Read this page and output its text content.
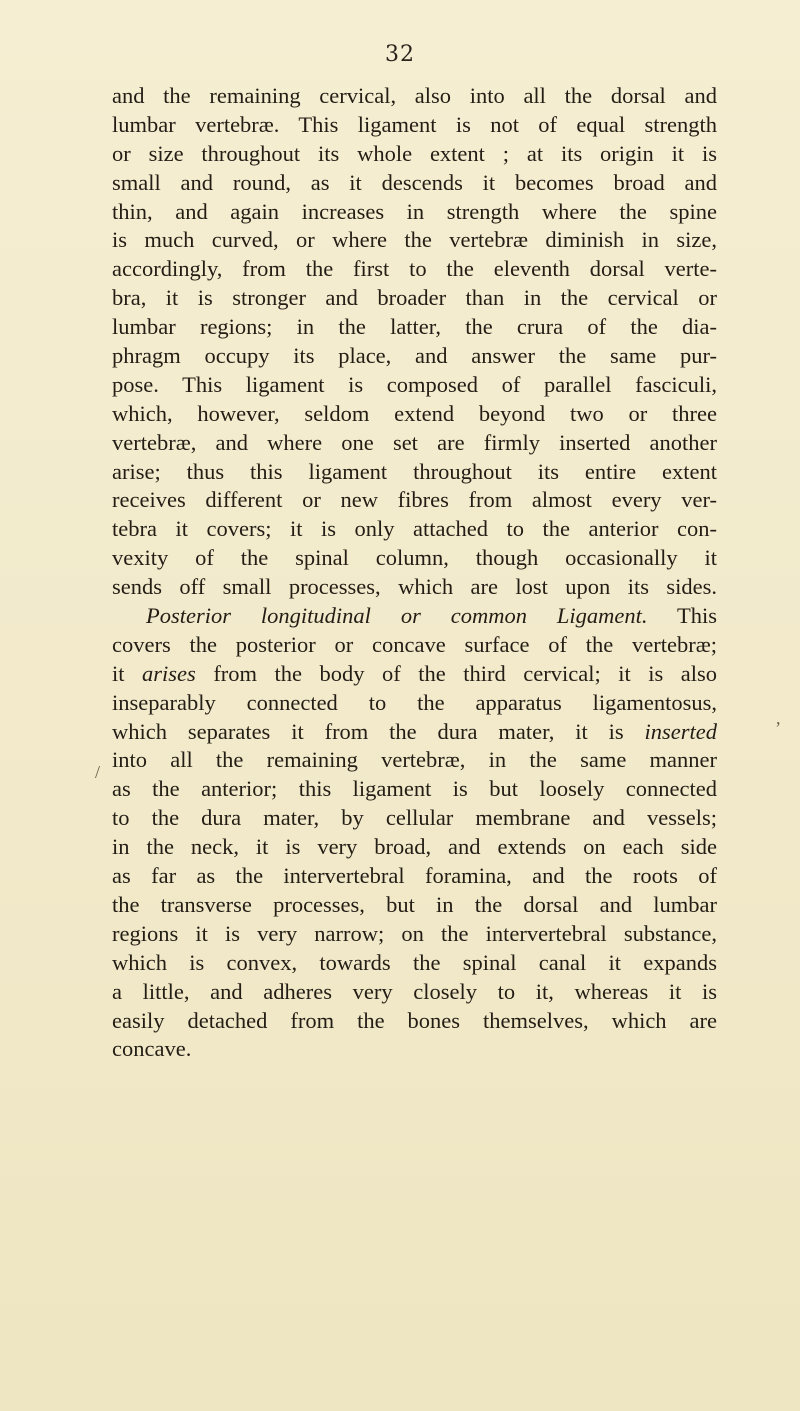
32
/
,
and the remaining cervical, also into all the dorsal and
lumbar vertebræ. This ligament is not of equal strength
or size throughout its whole extent ; at its origin it is
small and round, as it descends it becomes broad and
thin, and again increases in strength where the spine
is much curved, or where the vertebræ diminish in size,
accordingly, from the first to the eleventh dorsal verte-
bra, it is stronger and broader than in the cervical or
lumbar regions; in the latter, the crura of the dia-
phragm occupy its place, and answer the same pur-
pose. This ligament is composed of parallel fasciculi,
which, however, seldom extend beyond two or three
vertebræ, and where one set are firmly inserted another
arise; thus this ligament throughout its entire extent
receives different or new fibres from almost every ver-
tebra it covers; it is only attached to the anterior con-
vexity of the spinal column, though occasionally it
sends off small processes, which are lost upon its sides.
Posterior longitudinal or common Ligament. This
covers the posterior or concave surface of the vertebræ;
it arises from the body of the third cervical; it is also
inseparably connected to the apparatus ligamentosus,
which separates it from the dura mater, it is inserted
into all the remaining vertebræ, in the same manner
as the anterior; this ligament is but loosely connected
to the dura mater, by cellular membrane and vessels;
in the neck, it is very broad, and extends on each side
as far as the intervertebral foramina, and the roots of
the transverse processes, but in the dorsal and lumbar
regions it is very narrow; on the intervertebral substance,
which is convex, towards the spinal canal it expands
a little, and adheres very closely to it, whereas it is
easily detached from the bones themselves, which are
concave.
